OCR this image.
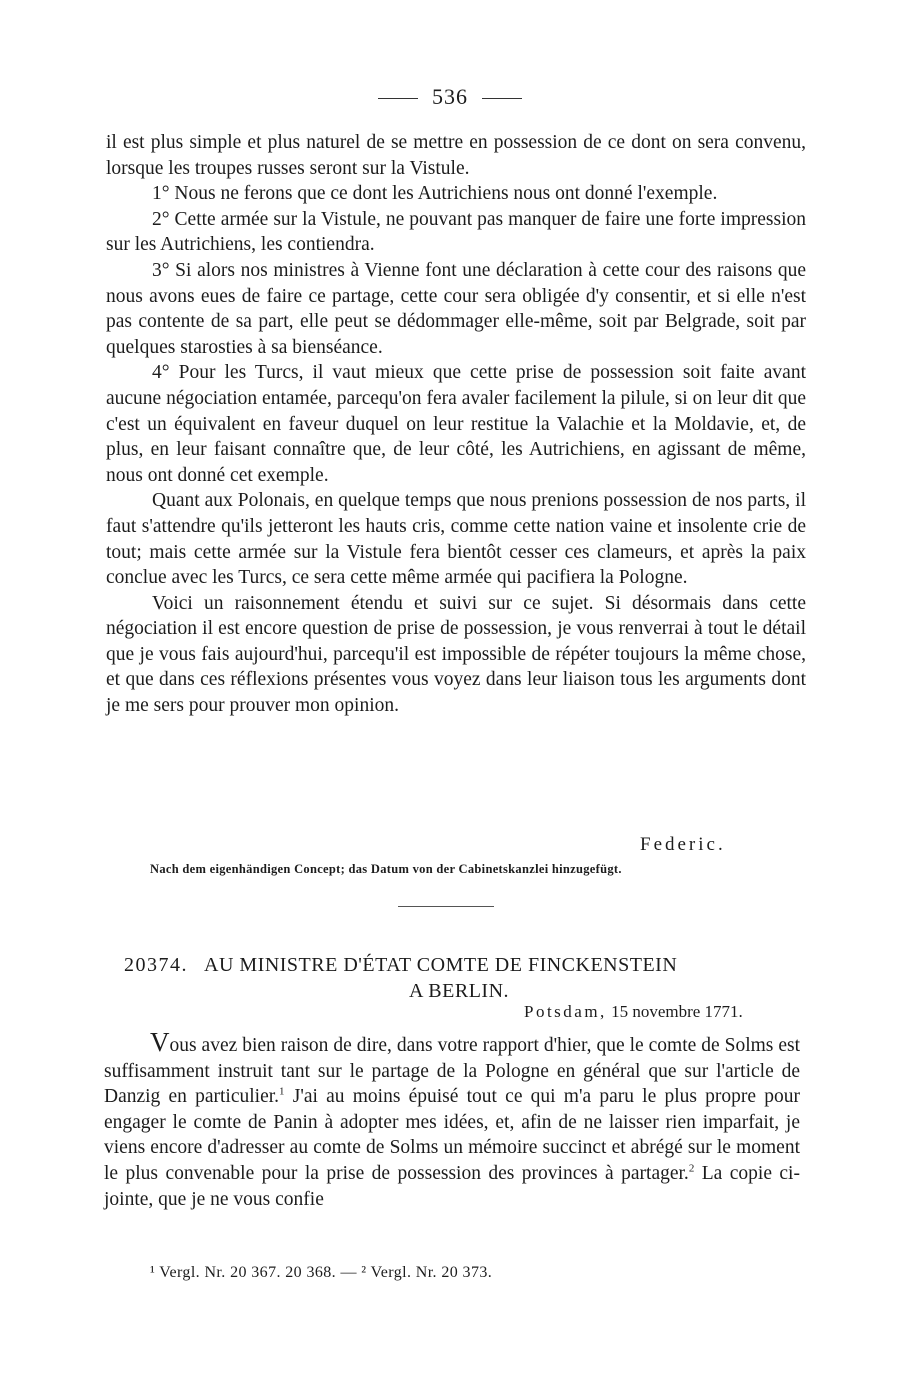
536

il est plus simple et plus naturel de se mettre en possession de ce dont on sera convenu, lorsque les troupes russes seront sur la Vistule.

1° Nous ne ferons que ce dont les Autrichiens nous ont donné l'exemple.

2° Cette armée sur la Vistule, ne pouvant pas manquer de faire une forte impression sur les Autrichiens, les contiendra.

3° Si alors nos ministres à Vienne font une déclaration à cette cour des raisons que nous avons eues de faire ce partage, cette cour sera obligée d'y consentir, et si elle n'est pas contente de sa part, elle peut se dédommager elle-même, soit par Belgrade, soit par quelques starosties à sa bienséance.

4° Pour les Turcs, il vaut mieux que cette prise de possession soit faite avant aucune négociation entamée, parcequ'on fera avaler facilement la pilule, si on leur dit que c'est un équivalent en faveur duquel on leur restitue la Valachie et la Moldavie, et, de plus, en leur faisant connaître que, de leur côté, les Autrichiens, en agissant de même, nous ont donné cet exemple.

Quant aux Polonais, en quelque temps que nous prenions possession de nos parts, il faut s'attendre qu'ils jetteront les hauts cris, comme cette nation vaine et insolente crie de tout; mais cette armée sur la Vistule fera bientôt cesser ces clameurs, et après la paix conclue avec les Turcs, ce sera cette même armée qui pacifiera la Pologne.

Voici un raisonnement étendu et suivi sur ce sujet. Si désormais dans cette négociation il est encore question de prise de possession, je vous renverrai à tout le détail que je vous fais aujourd'hui, parcequ'il est impossible de répéter toujours la même chose, et que dans ces réflexions présentes vous voyez dans leur liaison tous les arguments dont je me sers pour prouver mon opinion.

Federic.
Nach dem eigenhändigen Concept; das Datum von der Cabinetskanzlei hinzugefügt.
20374. AU MINISTRE D'ÉTAT COMTE DE FINCKENSTEIN
A BERLIN.
Potsdam, 15 novembre 1771.

Vous avez bien raison de dire, dans votre rapport d'hier, que le comte de Solms est suffisamment instruit tant sur le partage de la Pologne en général que sur l'article de Danzig en particulier.$^1$ J'ai au moins épuisé tout ce qui m'a paru le plus propre pour engager le comte de Panin à adopter mes idées, et, afin de ne laisser rien imparfait, je viens encore d'adresser au comte de Solms un mémoire succinct et abrégé sur le moment le plus convenable pour la prise de possession des provinces à partager.$^2$ La copie ci-jointe, que je ne vous confie

¹ Vergl. Nr. 20 367. 20 368. — ² Vergl. Nr. 20 373.
